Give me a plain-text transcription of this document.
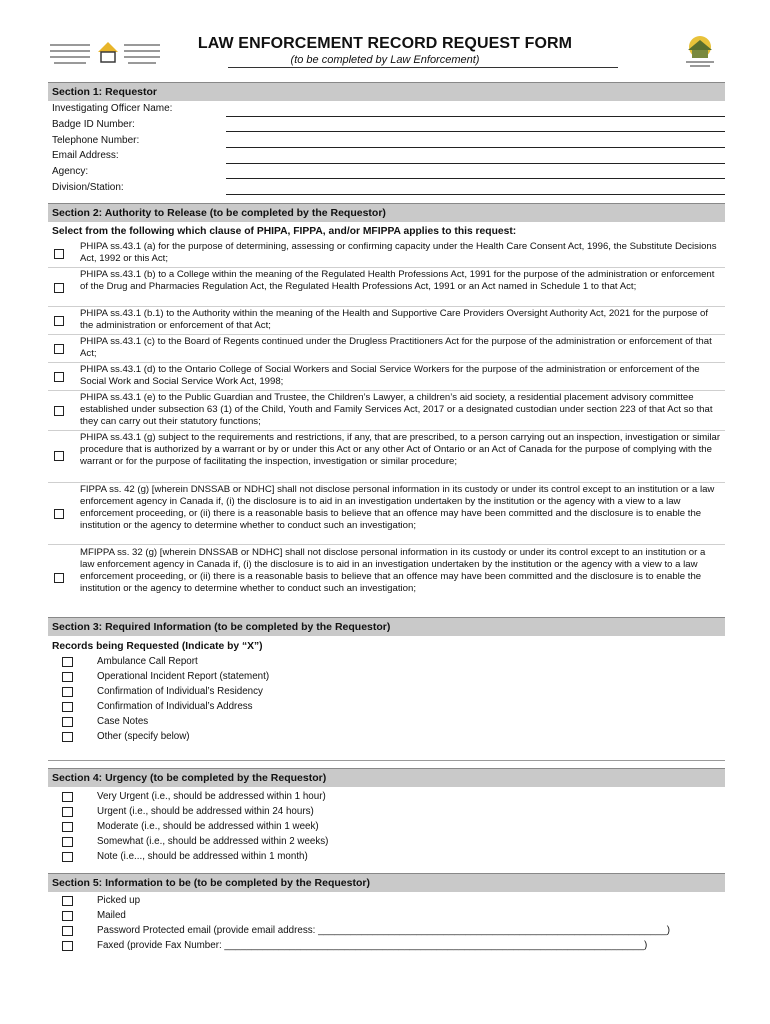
LAW ENFORCEMENT RECORD REQUEST FORM
(to be completed by Law Enforcement)
Section 1: Requestor
Investigating Officer Name:
Badge ID Number:
Telephone Number:
Email Address:
Agency:
Division/Station:
Section 2: Authority to Release (to be completed by the Requestor)
Select from the following which clause of PHIPA, FIPPA, and/or MFIPPA applies to this request:
PHIPA ss.43.1 (a) for the purpose of determining, assessing or confirming capacity under the Health Care Consent Act, 1996, the Substitute Decisions Act, 1992 or this Act;
PHIPA ss.43.1 (b) to a College within the meaning of the Regulated Health Professions Act, 1991 for the purpose of the administration or enforcement of the Drug and Pharmacies Regulation Act, the Regulated Health Professions Act, 1991 or an Act named in Schedule 1 to that Act;
PHIPA ss.43.1 (b.1) to the Authority within the meaning of the Health and Supportive Care Providers Oversight Authority Act, 2021 for the purpose of the administration or enforcement of that Act;
PHIPA ss.43.1 (c) to the Board of Regents continued under the Drugless Practitioners Act for the purpose of the administration or enforcement of that Act;
PHIPA ss.43.1 (d) to the Ontario College of Social Workers and Social Service Workers for the purpose of the administration or enforcement of the Social Work and Social Service Work Act, 1998;
PHIPA ss.43.1 (e) to the Public Guardian and Trustee, the Children’s Lawyer, a children’s aid society, a residential placement advisory committee established under subsection 63 (1) of the Child, Youth and Family Services Act, 2017 or a designated custodian under section 223 of that Act so that they can carry out their statutory functions;
PHIPA ss.43.1 (g) subject to the requirements and restrictions, if any, that are prescribed, to a person carrying out an inspection, investigation or similar procedure that is authorized by a warrant or by or under this Act or any other Act of Ontario or an Act of Canada for the purpose of complying with the warrant or for the purpose of facilitating the inspection, investigation or similar procedure;
FIPPA ss. 42 (g) [wherein DNSSAB or NDHC] shall not disclose personal information in its custody or under its control except to an institution or a law enforcement agency in Canada if, (i) the disclosure is to aid in an investigation undertaken by the institution or the agency with a view to a law enforcement proceeding, or (ii) there is a reasonable basis to believe that an offence may have been committed and the disclosure is to enable the institution or the agency to determine whether to conduct such an investigation;
MFIPPA ss. 32 (g) [wherein DNSSAB or NDHC] shall not disclose personal information in its custody or under its control except to an institution or a law enforcement agency in Canada if, (i) the disclosure is to aid in an investigation undertaken by the institution or the agency with a view to a law enforcement proceeding, or (ii) there is a reasonable basis to believe that an offence may have been committed and the disclosure is to enable the institution or the agency to determine whether to conduct such an investigation;
Section 3: Required Information (to be completed by the Requestor)
Records being Requested (Indicate by “X”)
Ambulance Call Report
Operational Incident Report (statement)
Confirmation of Individual’s Residency
Confirmation of Individual’s Address
Case Notes
Other (specify below)
Section 4: Urgency (to be completed by the Requestor)
Very Urgent (i.e., should be addressed within 1 hour)
Urgent (i.e., should be addressed within 24 hours)
Moderate (i.e., should be addressed within 1 week)
Somewhat (i.e., should be addressed within 2 weeks)
Note (i.e..., should be addressed within 1 month)
Section 5: Information to be (to be completed by the Requestor)
Picked up
Mailed
Password Protected email (provide email address: ________________________________________________________________)
Faxed (provide Fax Number: _____________________________________________________________________________)
